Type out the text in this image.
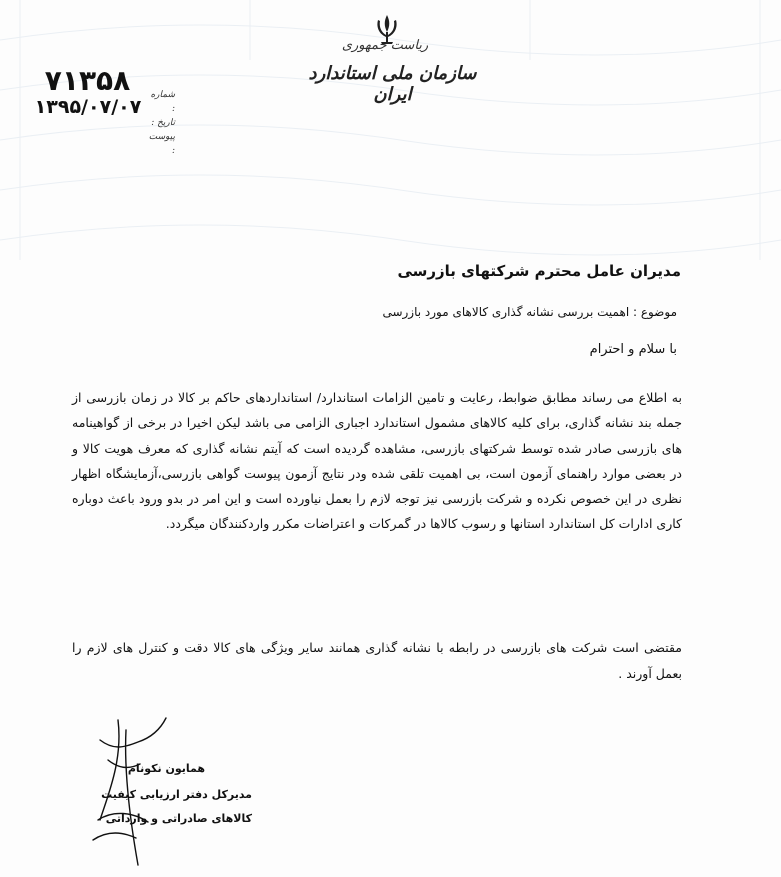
ریاست جمهوری
سازمان ملی استاندارد ایران
شماره :
تاریخ :
پیوست :
۷۱۳۵۸
۱۳۹۵/۰۷/۰۷
مدیران عامل محترم شرکتهای بازرسی
موضوع : اهمیت بررسی نشانه گذاری کالاهای مورد بازرسی
با سلام و احترام
به اطلاع می رساند مطابق ضوابط، رعایت و تامین الزامات استاندارد/ استانداردهای حاکم بر کالا در زمان بازرسی از جمله بند نشانه گذاری، برای کلیه کالاهای مشمول استاندارد اجباری الزامی می باشد لیکن اخیرا در برخی از گواهینامه های بازرسی صادر شده توسط شرکتهای بازرسی، مشاهده گردیده است که آیتم نشانه گذاری که معرف هویت کالا و در بعضی موارد راهنمای آزمون است، بی اهمیت تلقی شده ودر نتایج آزمون پیوست گواهی بازرسی،آزمایشگاه اظهار نظری در این خصوص نکرده و شرکت بازرسی نیز توجه لازم را بعمل نیاورده است و این امر در بدو ورود باعث دوباره کاری ادارات کل استاندارد استانها و رسوب کالاها در گمرکات و اعتراضات مکرر واردکنندگان میگردد.
مقتضی است شرکت های بازرسی در رابطه با نشانه گذاری همانند سایر ویژگی های کالا دقت و کنترل های لازم را بعمل آورند .
همایون نکونام
مدیرکل دفتر ارزیابی کیفیت
کالاهای صادراتی و وارداتی
